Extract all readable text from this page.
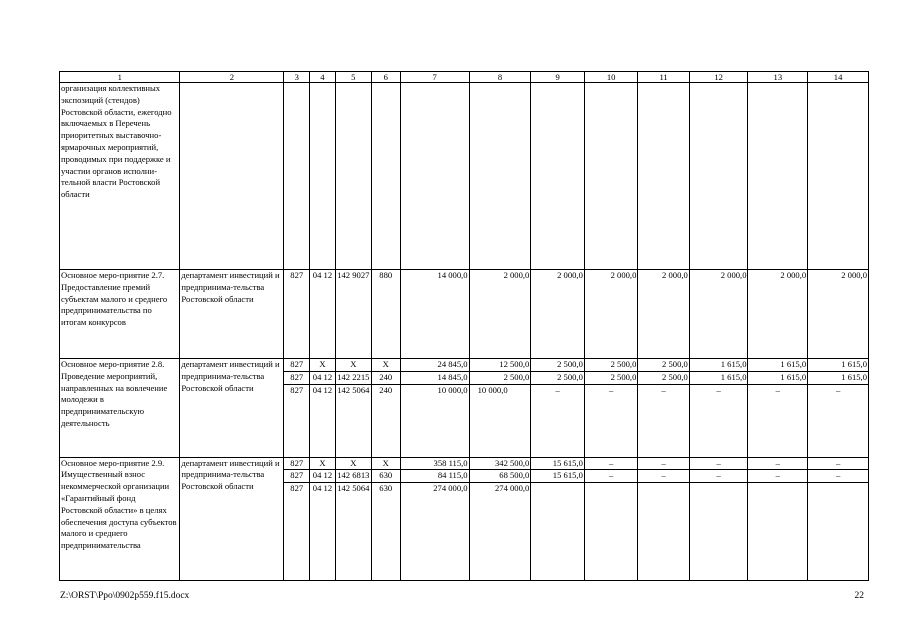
1	2	3	4	5	6	7	8	9	10	11	12	13	14
организация коллективных экспозиций (стендов) Ростовской области, ежегодно включаемых в Перечень приоритетных выставочно-ярмарочных мероприятий, проводимых при поддержке и участии органов исполни-тельной власти Ростовской области													
Основное меро-приятие 2.7. Предоставление премий субъектам малого и среднего предпринимательства по итогам конкурсов	департамент инвестиций и предпринима-тельства Ростовской области	827	04 12	142 9027	880	14 000,0	2 000,0	2 000,0	2 000,0	2 000,0	2 000,0	2 000,0	2 000,0
Основное меро-приятие 2.8. Проведение мероприятий, направленных на вовлечение молодежи в предпринимательскую деятельность	департамент инвестиций и предпринима-тельства Ростовской области	827	X	X	X	24 845,0	12 500,0	2 500,0	2 500,0	2 500,0	1 615,0	1 615,0	1 615,0
		827	04 12	142 2215	240	14 845,0	2 500,0	2 500,0	2 500,0	2 500,0	1 615,0	1 615,0	1 615,0
		827	04 12	142 5064	240	10 000,0	10 000,0	–	–	–	–	–	–
Основное меро-приятие 2.9. Имущественный взнос некоммерческой организации «Гарантийный фонд Ростовской области» в целях обеспечения доступа субъектов малого и среднего предпринимательства	департамент инвестиций и предпринима-тельства Ростовской области	827	X	X	X	358 115,0	342 500,0	15 615,0	–	–	–	–	–
		827	04 12	142 6813	630	84 115,0	68 500,0	15 615,0	–	–	–	–	–
		827	04 12	142 5064	630	274 000,0	274 000,0						
Z:\ORST\Ppo\0902p559.f15.docx	22
